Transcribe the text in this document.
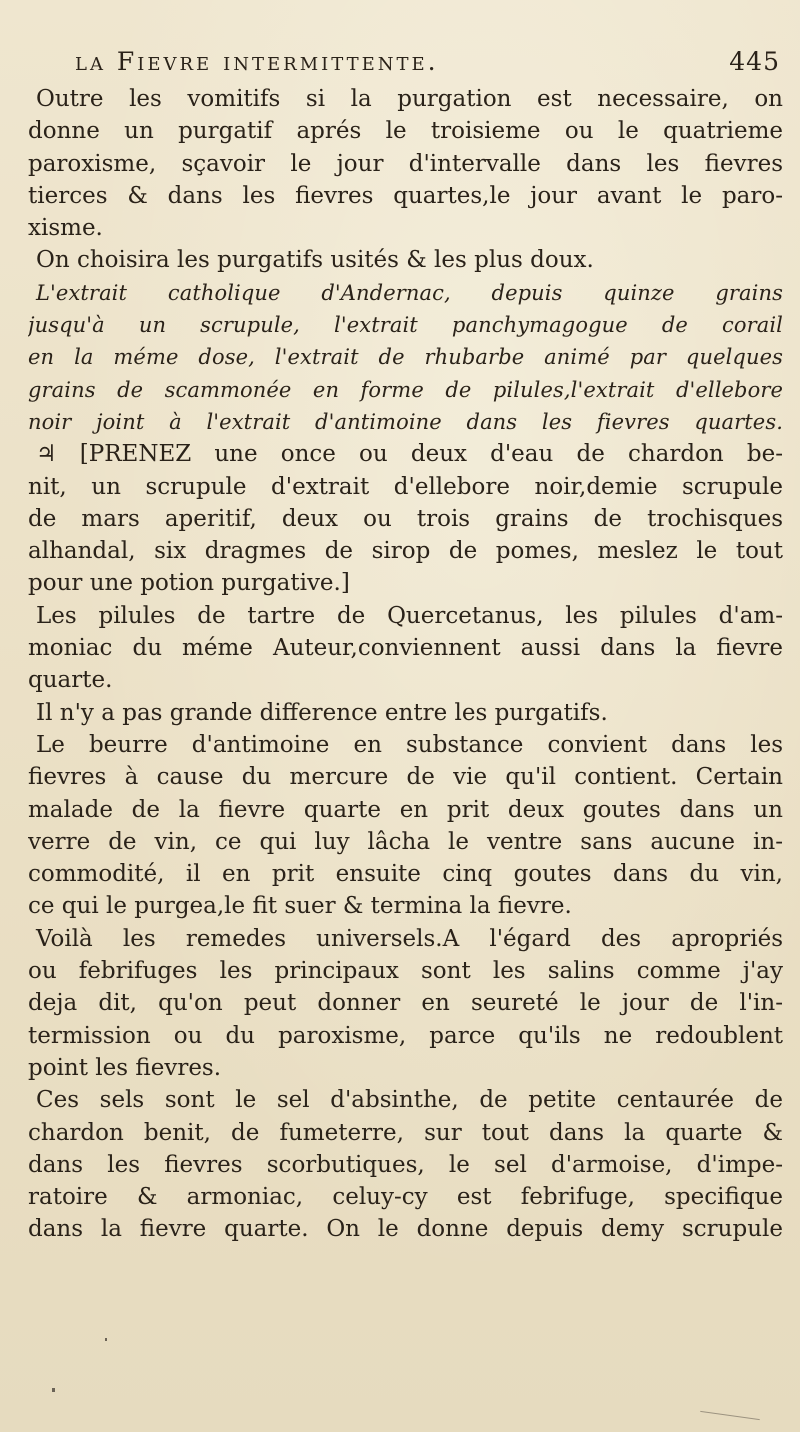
la Fievre intermittente.	445
Outre les vomitifs si la purgation est necessaire, on
donne un purgatif aprés le troisieme ou le quatrieme
paroxisme, sçavoir le jour d'intervalle dans les fievres
tierces & dans les fievres quartes,le jour avant le paro-
xisme.
On choisira les purgatifs usités & les plus doux.
L'extrait catholique d'Andernac, depuis quinze grains
jusqu'à un scrupule, l'extrait panchymagogue de corail
en la méme dose, l'extrait de rhubarbe animé par quelques
grains de scammonée en forme de pilules,l'extrait d'ellebore
noir joint à l'extrait d'antimoine dans les fievres quartes.
♃ [PRENEZ une once ou deux d'eau de chardon be-
nit, un scrupule d'extrait d'ellebore noir,demie scrupule
de mars aperitif, deux ou trois grains de trochisques
alhandal, six dragmes de sirop de pomes, meslez le tout
pour une potion purgative.]
Les pilules de tartre de Quercetanus, les pilules d'am-
moniac du méme Auteur,conviennent aussi dans la fievre
quarte.
Il n'y a pas grande difference entre les purgatifs.
Le beurre d'antimoine en substance convient dans les
fievres à cause du mercure de vie qu'il contient. Certain
malade de la fievre quarte en prit deux goutes dans un
verre de vin, ce qui luy lâcha le ventre sans aucune in-
commodité, il en prit ensuite cinq goutes dans du vin,
ce qui le purgea,le fit suer & termina la fievre.
Voilà les remedes universels.A l'égard des apropriés
ou febrifuges les principaux sont les salins comme j'ay
deja dit, qu'on peut donner en seureté le jour de l'in-
termission ou du paroxisme, parce qu'ils ne redoublent
point les fievres.
Ces sels sont le sel d'absinthe, de petite centaurée de
chardon benit, de fumeterre, sur tout dans la quarte &
dans les fievres scorbutiques, le sel d'armoise, d'impe-
ratoire & armoniac, celuy-cy est febrifuge, specifique
dans la fievre quarte. On le donne depuis demy scrupule
